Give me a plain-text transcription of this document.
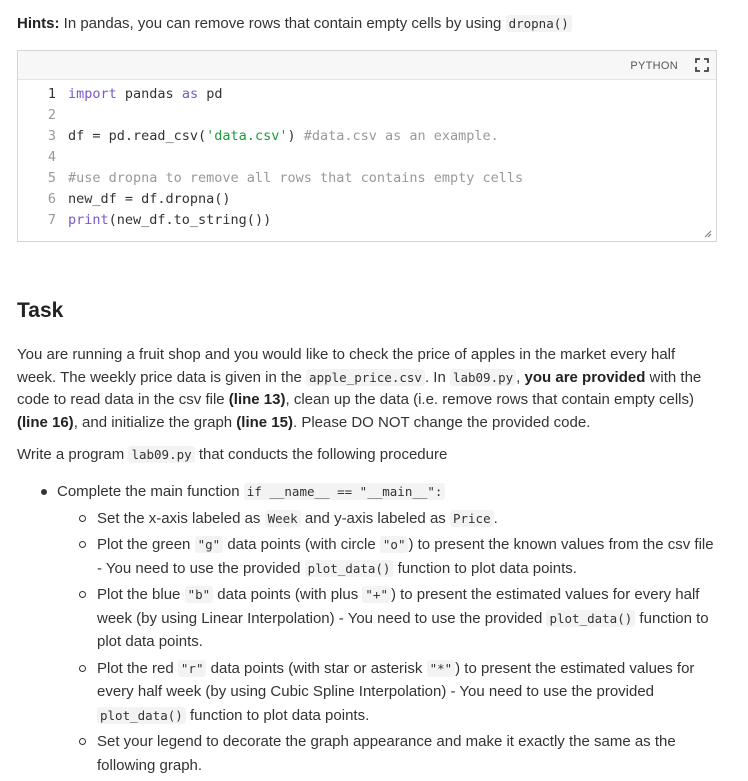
Hints: In pandas, you can remove rows that contain empty cells by using dropna()
PYTHON
1 import pandas as pd
2
3 df = pd.read_csv('data.csv') #data.csv as an example.
4
5 #use dropna to remove all rows that contains empty cells
6 new_df = df.dropna()
7 print(new_df.to_string())
Task

You are running a fruit shop and you would like to check the price of apples in the market every half week. The weekly price data is given in the apple_price.csv . In lab09.py , you are provided with the code to read data in the csv file (line 13), clean up the data (i.e. remove rows that contain empty cells)(line 16), and initialize the graph (line 15). Please DO NOT change the provided code.

Write a program lab09.py that conducts the following procedure

Complete the main function if __name__ == "__main__":
Set the x-axis labeled as Week and y-axis labeled as Price .
Plot the green "g" data points (with circle "o" ) to present the known values from the csv file - You need to use the provided plot_data() function to plot data points.
Plot the blue "b" data points (with plus "+" ) to present the estimated values for every half week (by using Linear Interpolation) - You need to use the provided plot_data() function to plot data points.
Plot the red "r" data points (with star or asterisk "*" ) to present the estimated values for every half week (by using Cubic Spline Interpolation) - You need to use the provided plot_data() function to plot data points.
Set your legend to decorate the graph appearance and make it exactly the same as the following graph.
